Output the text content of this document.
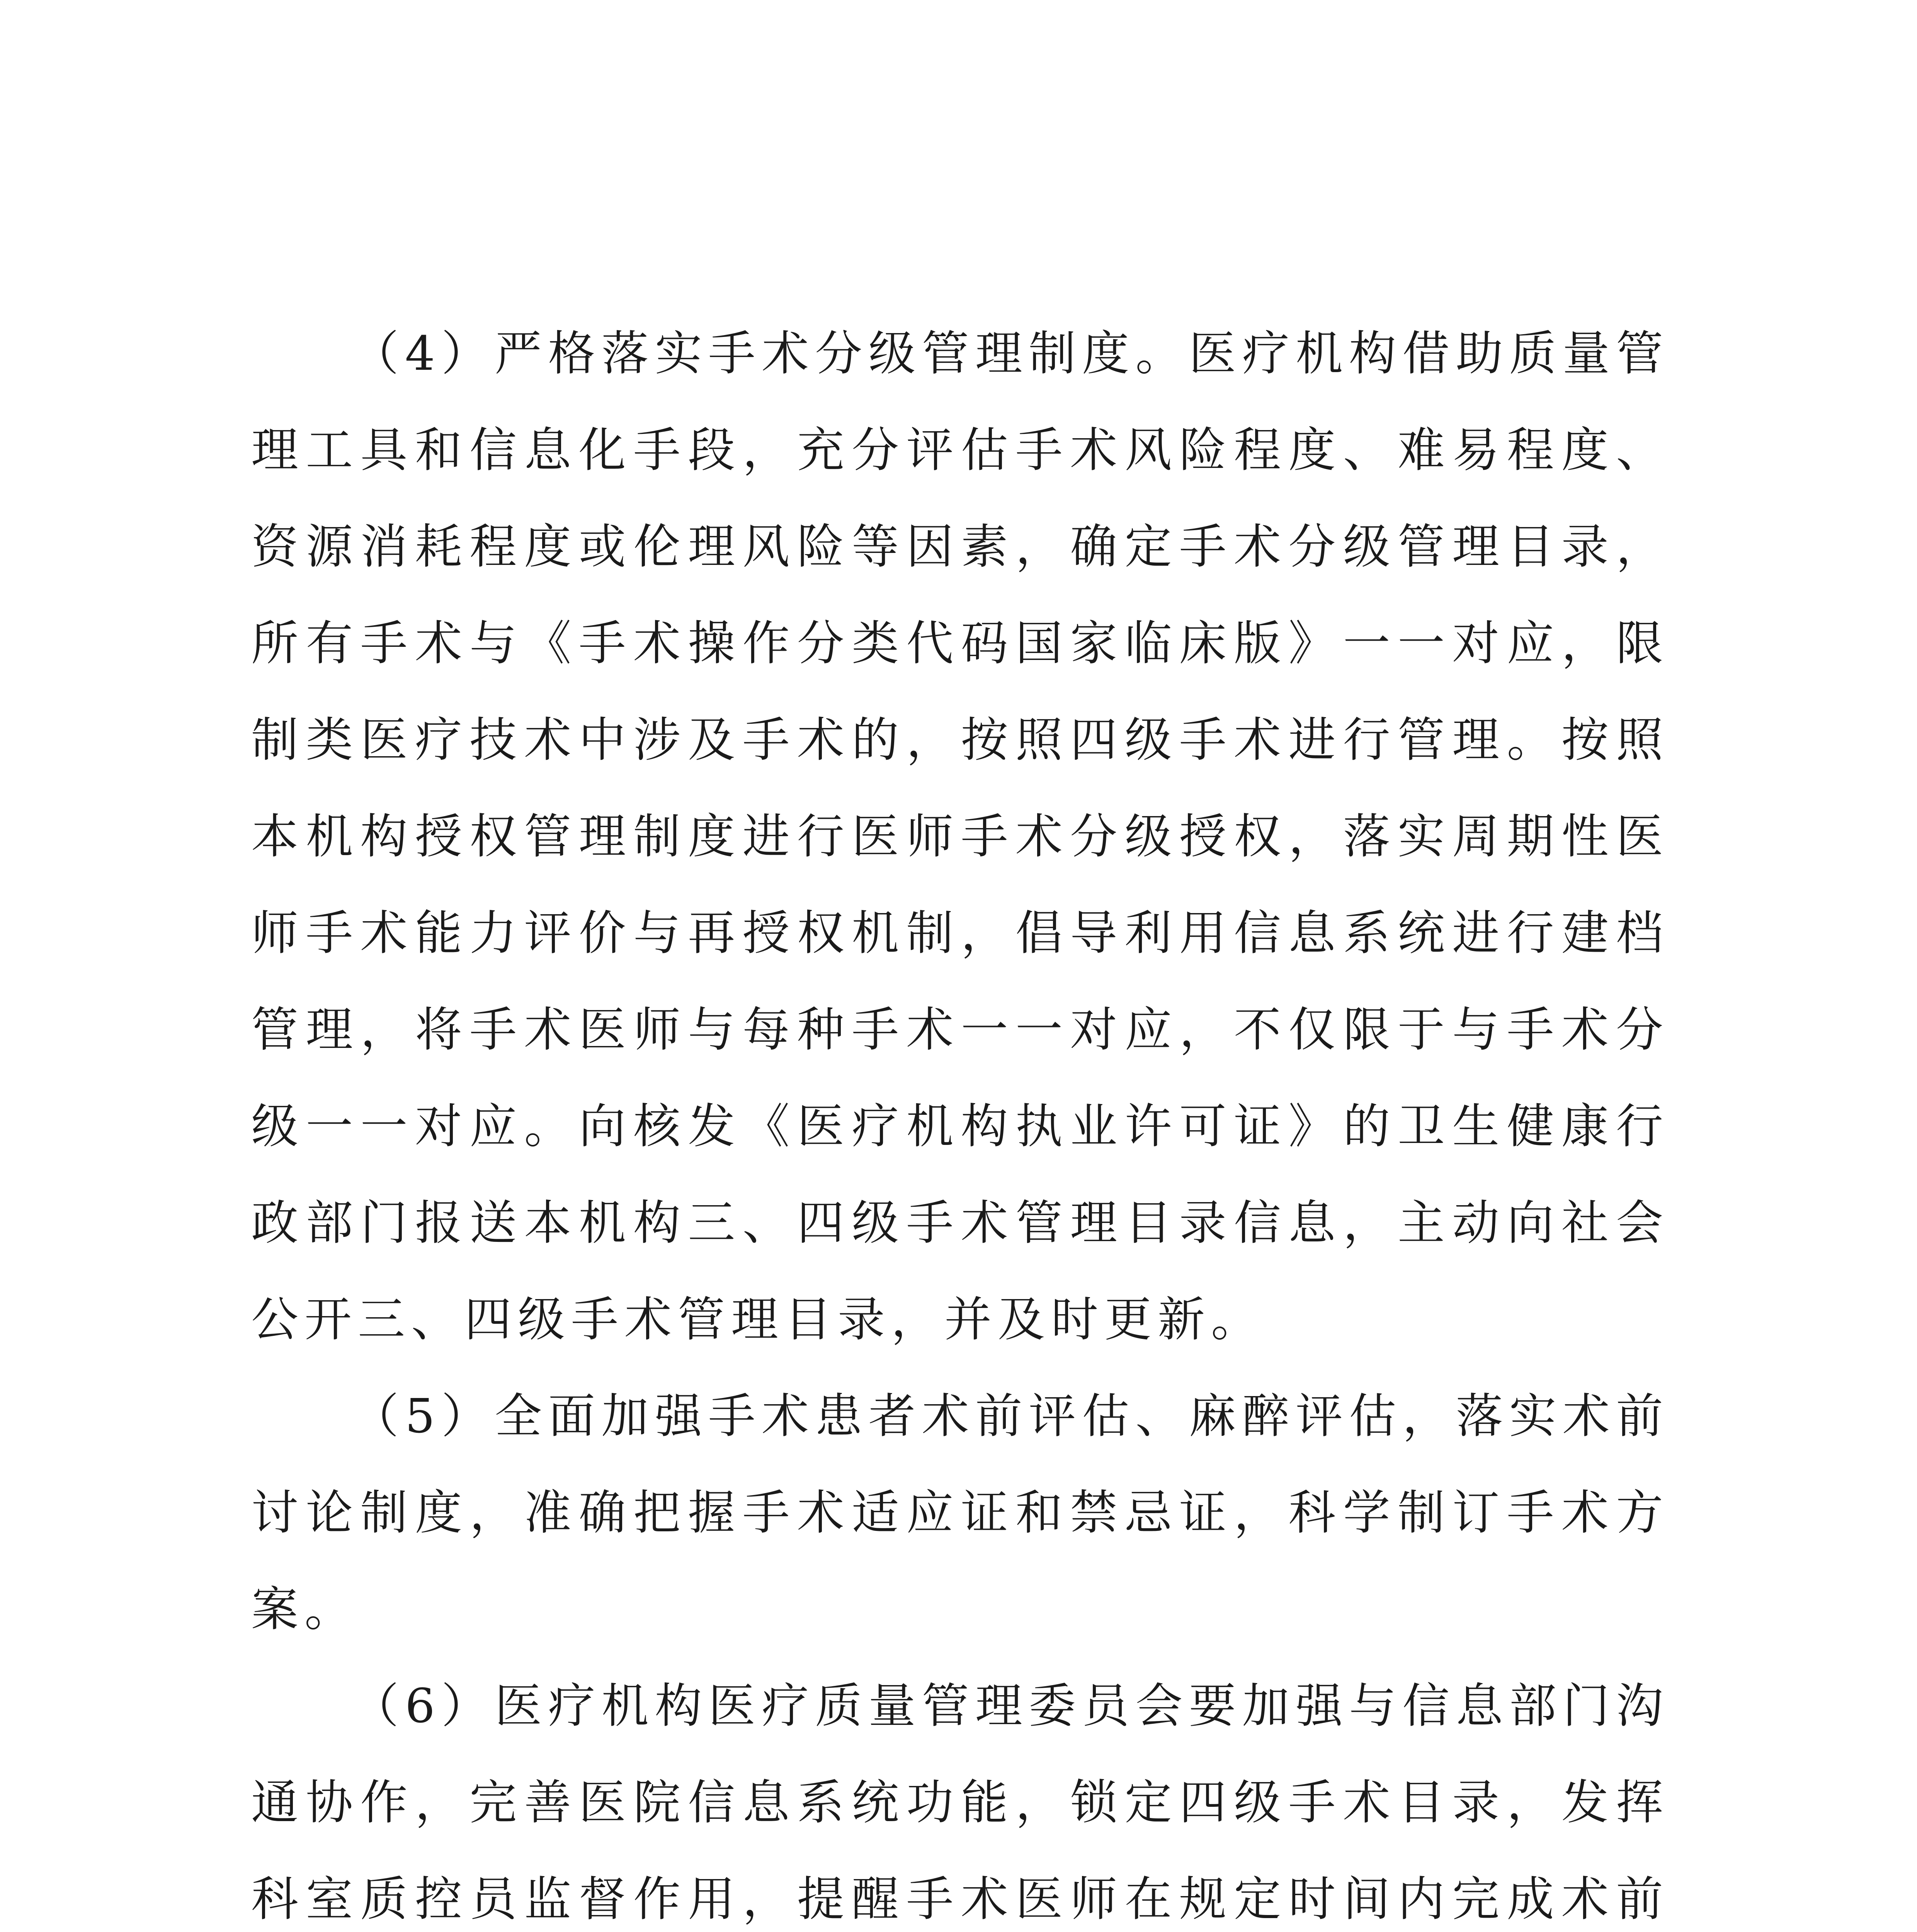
（4）严格落实手术分级管理制度。医疗机构借助质量管理工具和信息化手段，充分评估手术风险程度、难易程度、资源消耗程度或伦理风险等因素，确定手术分级管理目录，所有手术与《手术操作分类代码国家临床版》一一对应，限制类医疗技术中涉及手术的，按照四级手术进行管理。按照本机构授权管理制度进行医师手术分级授权，落实周期性医师手术能力评价与再授权机制，倡导利用信息系统进行建档管理，将手术医师与每种手术一一对应，不仅限于与手术分级一一对应。向核发《医疗机构执业许可证》的卫生健康行政部门报送本机构三、四级手术管理目录信息，主动向社会公开三、四级手术管理目录，并及时更新。

（5）全面加强手术患者术前评估、麻醉评估，落实术前讨论制度，准确把握手术适应证和禁忌证，科学制订手术方案。

（6）医疗机构医疗质量管理委员会要加强与信息部门沟通协作，完善医院信息系统功能，锁定四级手术目录，发挥科室质控员监督作用，提醒手术医师在规定时间内完成术前
